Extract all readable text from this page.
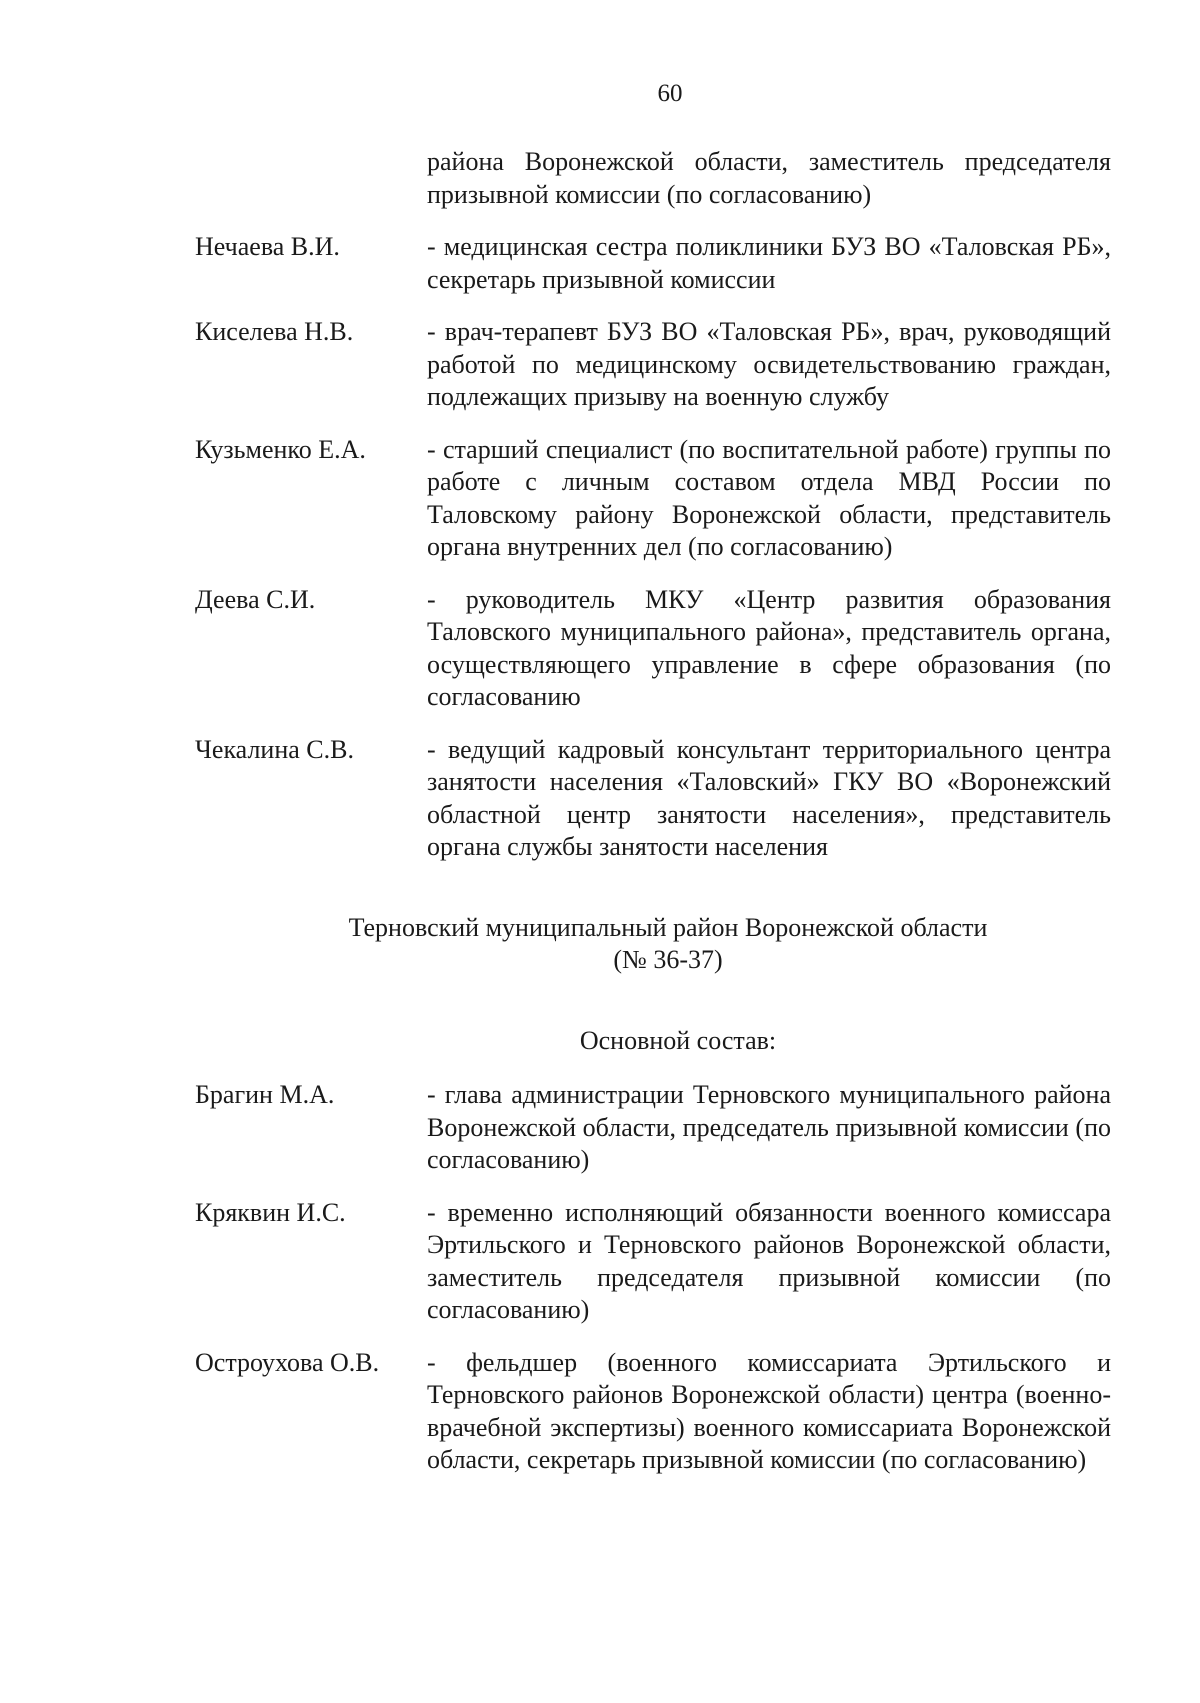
60
района Воронежской области, заместитель председателя призывной комиссии (по согласованию)
Нечаева В.И.	- медицинская сестра поликлиники БУЗ ВО «Таловская РБ», секретарь призывной комиссии
Киселева Н.В.	- врач-терапевт БУЗ ВО «Таловская РБ», врач, руководящий работой по медицинскому освидетельствованию граждан, подлежащих призыву на военную службу
Кузьменко Е.А.	- старший специалист (по воспитательной работе) группы по работе с личным составом отдела МВД России по Таловскому району Воронежской области, представитель органа внутренних дел (по согласованию)
Деева С.И.	- руководитель МКУ «Центр развития образования Таловского муниципального района», представитель органа, осуществляющего управление в сфере образования (по согласованию
Чекалина С.В.	- ведущий кадровый консультант территориального центра занятости населения «Таловский» ГКУ ВО «Воронежский областной центр занятости населения», представитель органа службы занятости населения
Терновский муниципальный район Воронежской области
(№ 36-37)
Основной состав:
Брагин М.А.	- глава администрации Терновского муниципального района Воронежской области, председатель призывной комиссии (по согласованию)
Кряквин И.С.	- временно исполняющий обязанности военного комиссара Эртильского и Терновского районов Воронежской области, заместитель председателя призывной комиссии (по согласованию)
Остроухова О.В.	- фельдшер (военного комиссариата Эртильского и Терновского районов Воронежской области) центра (военно-врачебной экспертизы) военного комиссариата Воронежской области, секретарь призывной комиссии (по согласованию)
